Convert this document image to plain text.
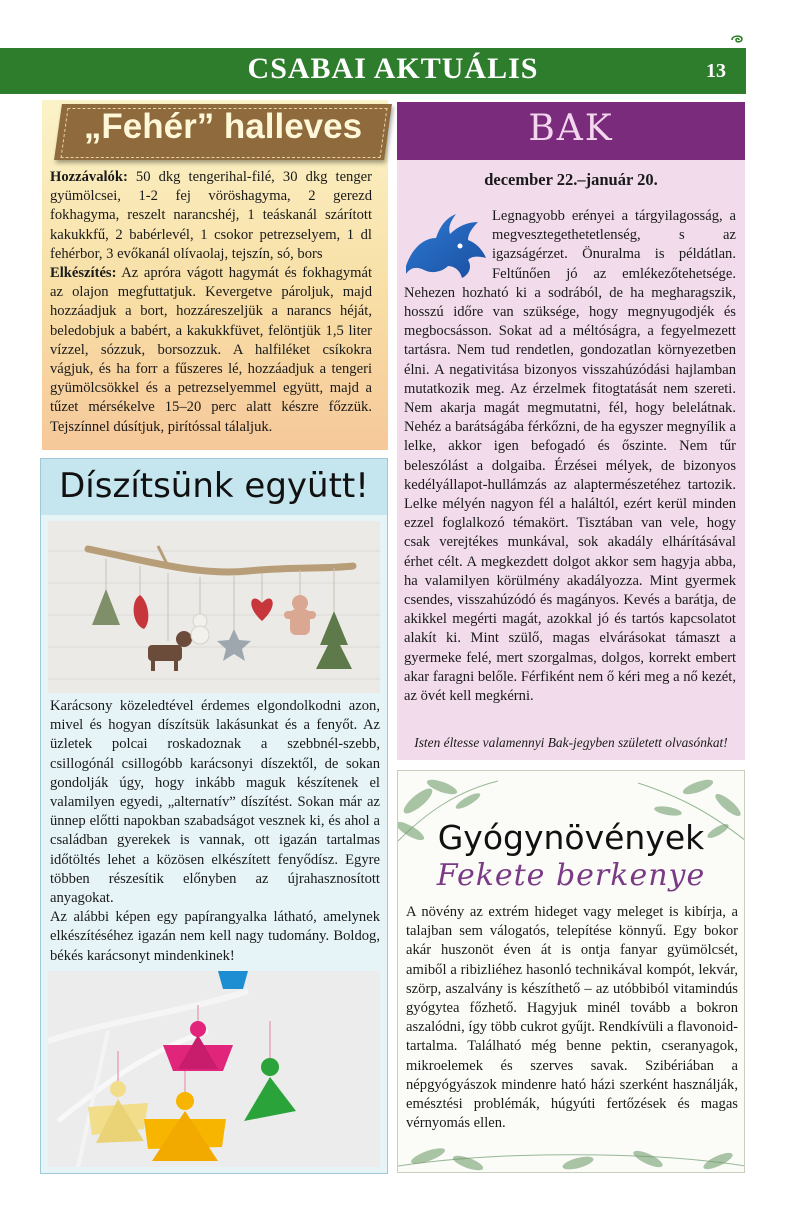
CSABAI AKTUÁLIS	13
„Fehér” halleves
Hozzávalók: 50 dkg tengerihal-filé, 30 dkg tenger gyümölcsei, 1-2 fej vöröshagyma, 2 gerezd fokhagyma, reszelt narancshéj, 1 teáskanál szárított kakukkfű, 2 babérlevél, 1 csokor petrezselyem, 1 dl fehérbor, 3 evőkanál olívaolaj, tejszín, só, bors
Elkészítés: Az apróra vágott hagymát és fokhagymát az olajon megfuttatjuk. Kevergetve pároljuk, majd hozzáadjuk a bort, hozzáreszeljük a narancs héját, beledobjuk a babért, a kakukkfüvet, felöntjük 1,5 liter vízzel, sózzuk, borsozzuk. A halfiléket csíkokra vágjuk, és ha forr a fűszeres lé, hozzáadjuk a tengeri gyümölcsökkel és a petrezselyemmel együtt, majd a tűzet mérsékelve 15–20 perc alatt készre főzzük. Tejszínnel dúsítjuk, pirítóssal tálaljuk.
Díszítsünk együtt!
Karácsony közeledtével érdemes elgondolkodni azon, mivel és hogyan díszítsük lakásunkat és a fenyőt. Az üzletek polcai roskadoznak a szebbnél-szebb, csillogónál csillogóbb karácsonyi díszektől, de sokan gondolják úgy, hogy inkább maguk készítenek el valamilyen egyedi, „alternatív” díszítést. Sokan már az ünnep előtti napokban szabadságot vesznek ki, és ahol a családban gyerekek is vannak, ott igazán tartalmas időtöltés lehet a közösen elkészített fenyődísz. Egyre többen részesítik előnyben az újrahasznosított anyagokat.
Az alábbi képen egy papírangyalka látható, amelynek elkészítéséhez igazán nem kell nagy tudomány. Boldog, békés karácsonyt mindenkinek!
BAK
december 22.–január 20.
Legnagyobb erényei a tárgyilagosság, a megvesztegethetetlenség, s az igazságérzet. Önuralma is példátlan. Feltűnően jó az emlékezőtehetsége. Nehezen hozható ki a sodrából, de ha megharagszik, hosszú időre van szüksége, hogy megnyugodjék és megbocsásson. Sokat ad a méltóságra, a fegyelmezett tartásra. Nem tud rendetlen, gondozatlan környezetben élni. A negativitása bizonyos visszahúzódási hajlamban mutatkozik meg. Az érzelmek fitogtatását nem szereti. Nem akarja magát megmutatni, fél, hogy belelátnak. Nehéz a barátságába férkőzni, de ha egyszer megnyílik a lelke, akkor igen befogadó és őszinte. Nem tűr beleszólást a dolgaiba. Érzései mélyek, de bizonyos kedélyállapot-hullámzás az alaptermészetéhez tartozik. Lelke mélyén nagyon fél a haláltól, ezért kerül minden ezzel foglalkozó témakört. Tisztában van vele, hogy csak verejtékes munkával, sok akadály elhárításával érhet célt. A megkezdett dolgot akkor sem hagyja abba, ha valamilyen körülmény akadályozza. Mint gyermek csendes, visszahúzódó és magányos. Kevés a barátja, de akikkel megérti magát, azokkal jó és tartós kapcsolatot alakít ki. Mint szülő, magas elvárásokat támaszt a gyermeke felé, mert szorgalmas, dolgos, korrekt embert akar faragni belőle. Férfiként nem ő kéri meg a nő kezét, az övét kell megkérni.
Isten éltesse valamennyi Bak-jegyben született olvasónkat!
Gyógynövények
Fekete berkenye
A növény az extrém hideget vagy meleget is kibírja, a talajban sem válogatós, telepítése könnyű. Egy bokor akár huszonöt éven át is ontja fanyar gyümölcsét, amiből a ribizliéhez hasonló technikával kompót, lekvár, szörp, aszalvány is készíthető – az utóbbiból vitamindús gyógytea főzhető. Hagyjuk minél tovább a bokron aszalódni, így több cukrot gyűjt. Rendkívüli a flavonoid-tartalma. Található még benne pektin, cseranyagok, mikroelemek és szerves savak. Szibériában a népgyógyászok mindenre ható házi szerként használják, emésztési problémák, húgyúti fertőzések és magas vérnyomás ellen.
